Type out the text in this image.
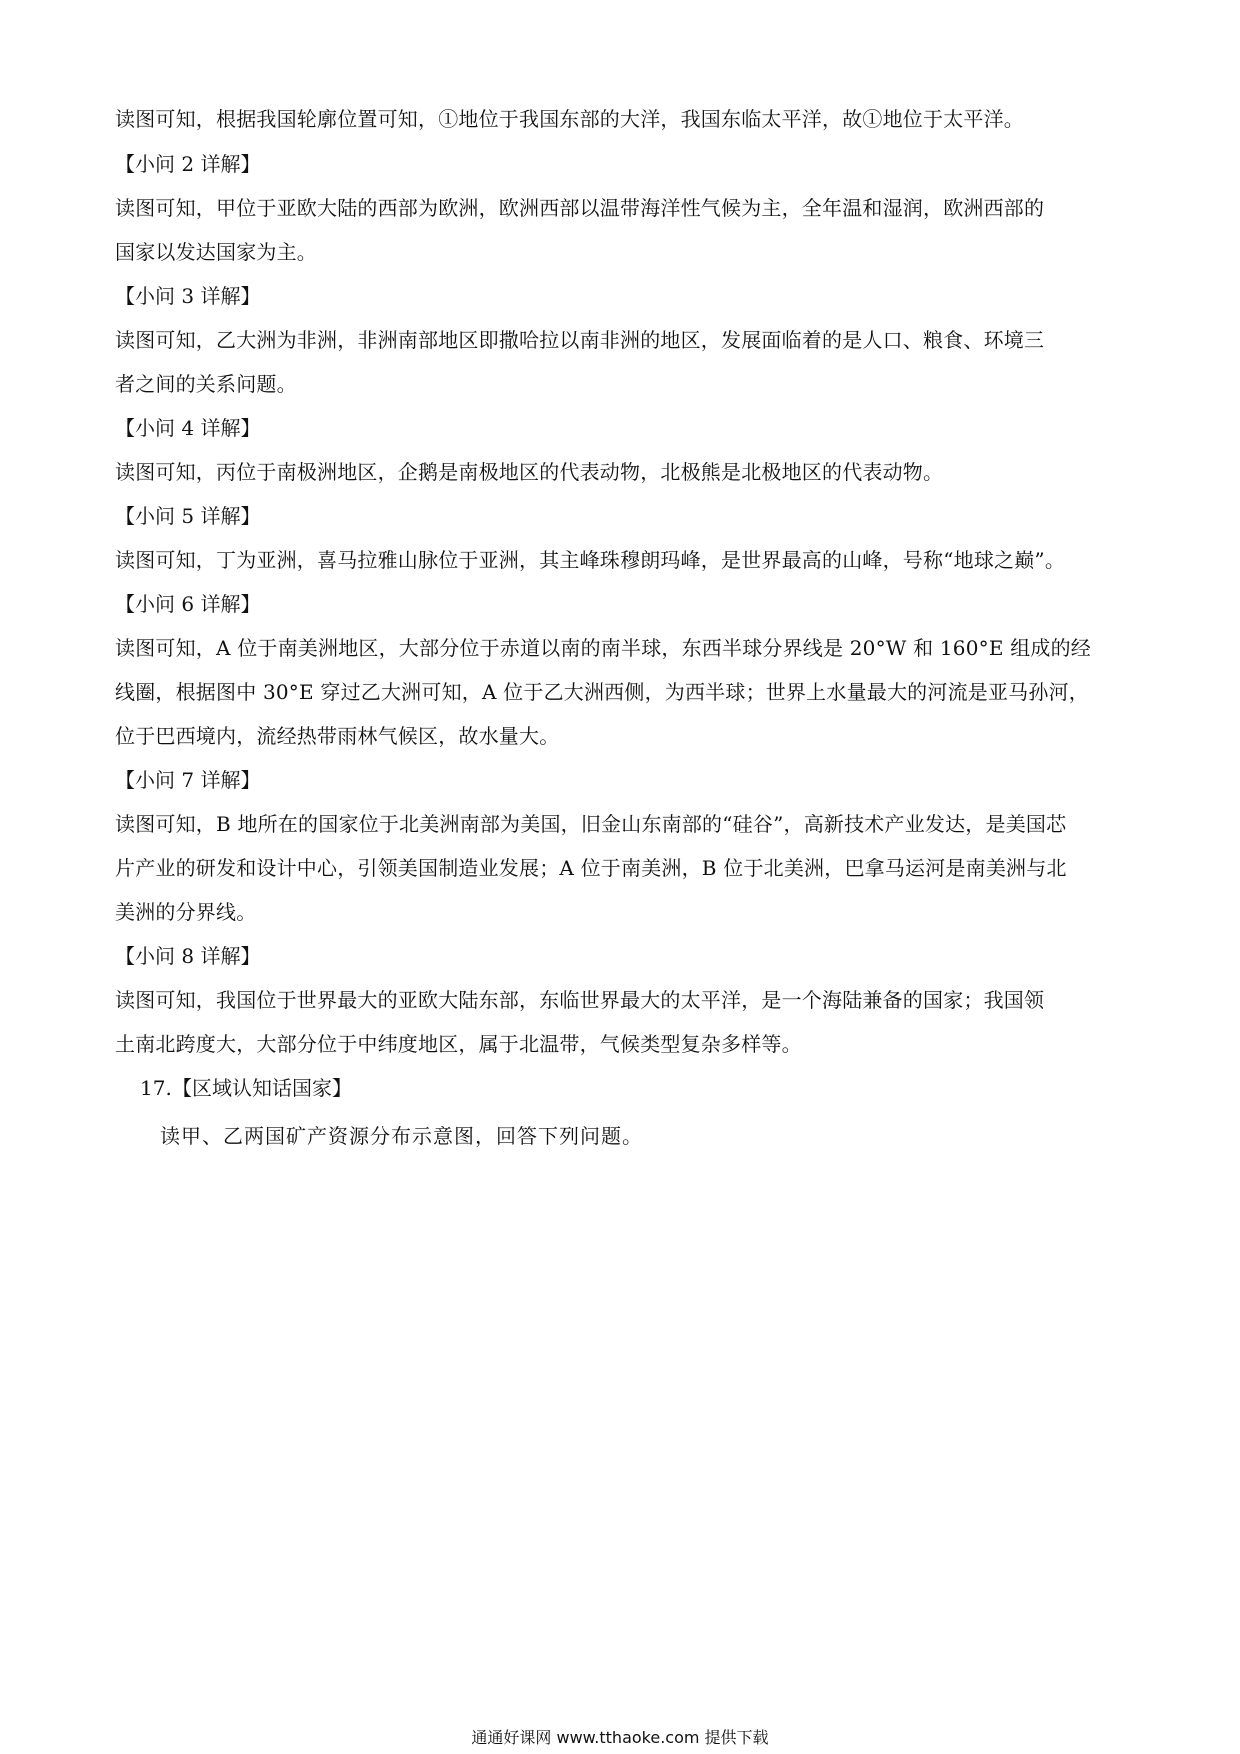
读图可知，根据我国轮廓位置可知，①地位于我国东部的大洋，我国东临太平洋，故①地位于太平洋。
【小问 2 详解】
读图可知，甲位于亚欧大陆的西部为欧洲，欧洲西部以温带海洋性气候为主，全年温和湿润，欧洲西部的
国家以发达国家为主。
【小问 3 详解】
读图可知，乙大洲为非洲，非洲南部地区即撒哈拉以南非洲的地区，发展面临着的是人口、粮食、环境三
者之间的关系问题。
【小问 4 详解】
读图可知，丙位于南极洲地区，企鹅是南极地区的代表动物，北极熊是北极地区的代表动物。
【小问 5 详解】
读图可知，丁为亚洲，喜马拉雅山脉位于亚洲，其主峰珠穆朗玛峰，是世界最高的山峰，号称“地球之巅”。
【小问 6 详解】
读图可知，A 位于南美洲地区，大部分位于赤道以南的南半球，东西半球分界线是 20°W 和 160°E 组成的经
线圈，根据图中 30°E 穿过乙大洲可知，A 位于乙大洲西侧，为西半球；世界上水量最大的河流是亚马孙河，
位于巴西境内，流经热带雨林气候区，故水量大。
【小问 7 详解】
读图可知，B 地所在的国家位于北美洲南部为美国，旧金山东南部的“硅谷”，高新技术产业发达，是美国芯
片产业的研发和设计中心，引领美国制造业发展；A 位于南美洲，B 位于北美洲，巴拿马运河是南美洲与北
美洲的分界线。
【小问 8 详解】
读图可知，我国位于世界最大的亚欧大陆东部，东临世界最大的太平洋，是一个海陆兼备的国家；我国领
土南北跨度大，大部分位于中纬度地区，属于北温带，气候类型复杂多样等。
17.【区域认知话国家】
读甲、乙两国矿产资源分布示意图，回答下列问题。
通通好课网 www.tthaoke.com 提供下载
